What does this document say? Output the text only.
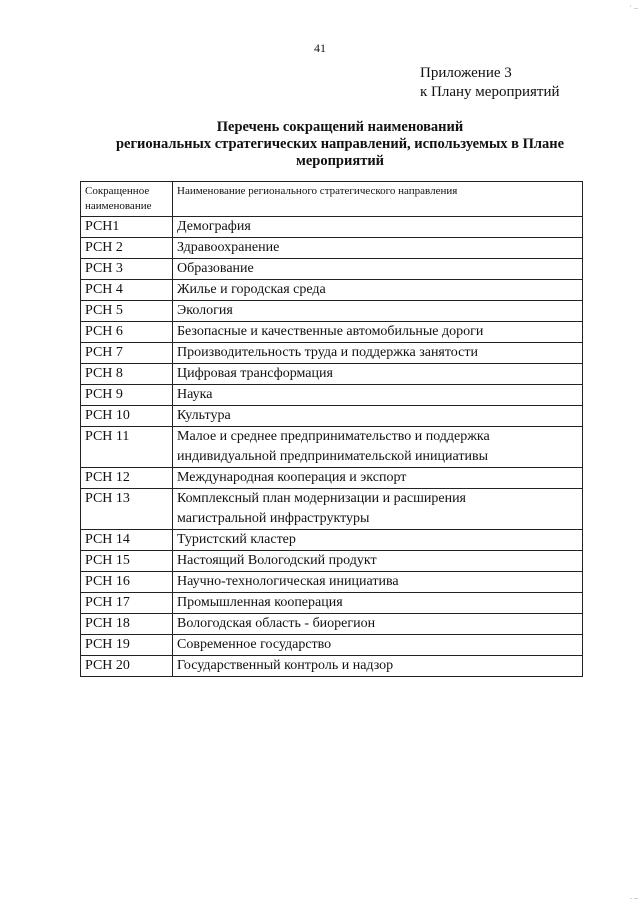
41
Приложение 3
к Плану мероприятий
Перечень сокращений наименований
региональных стратегических направлений, используемых в Плане
мероприятий
Сокращенное
наименование	Наименование регионального стратегического направления
РСН1	Демография

РСН 2	Здравоохранение

РСН 3	Образование

РСН 4	Жилье и городская среда

РСН 5	Экология

РСН 6	Безопасные и качественные автомобильные дороги

РСН 7	Производительность труда и поддержка занятости

РСН 8	Цифровая трансформация

РСН 9	Наука

РСН 10	Культура

РСН 11	Малое и среднее предпринимательство и поддержка
индивидуальной предпринимательской инициативы

РСН 12	Международная кооперация и экспорт

РСН 13	Комплексный план модернизации и расширения
магистральной инфраструктуры

РСН 14	Туристский кластер

РСН 15	Настоящий Вологодский продукт

РСН 16	Научно-технологическая инициатива

РСН 17	Промышленная кооперация

РСН 18	Вологодская область - биорегион

РСН 19	Современное государство

РСН 20	Государственный контроль и надзор
· ..
. ..
